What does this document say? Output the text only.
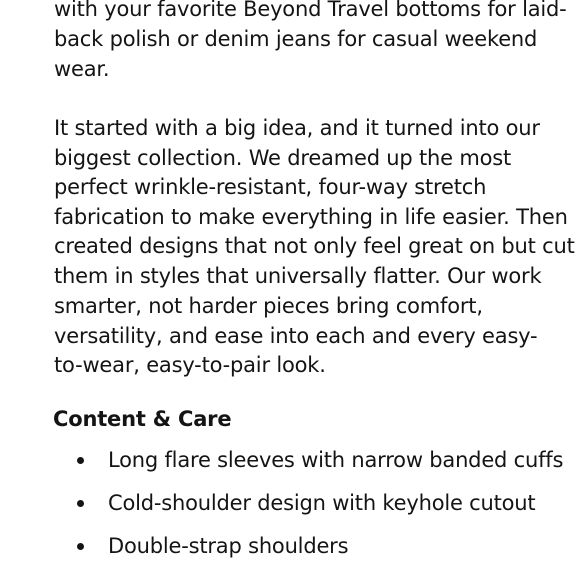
with your favorite Beyond Travel bottoms for laid-
back polish or denim jeans for casual weekend
wear.
It started with a big idea, and it turned into our
biggest collection. We dreamed up the most
perfect wrinkle-resistant, four-way stretch
fabrication to make everything in life easier. Then
created designs that not only feel great on but cut
them in styles that universally flatter. Our work
smarter, not harder pieces bring comfort,
versatility, and ease into each and every easy-
to-wear, easy-to-pair look.
Content & Care
Long flare sleeves with narrow banded cuffs
Cold-shoulder design with keyhole cutout
Double-strap shoulders
